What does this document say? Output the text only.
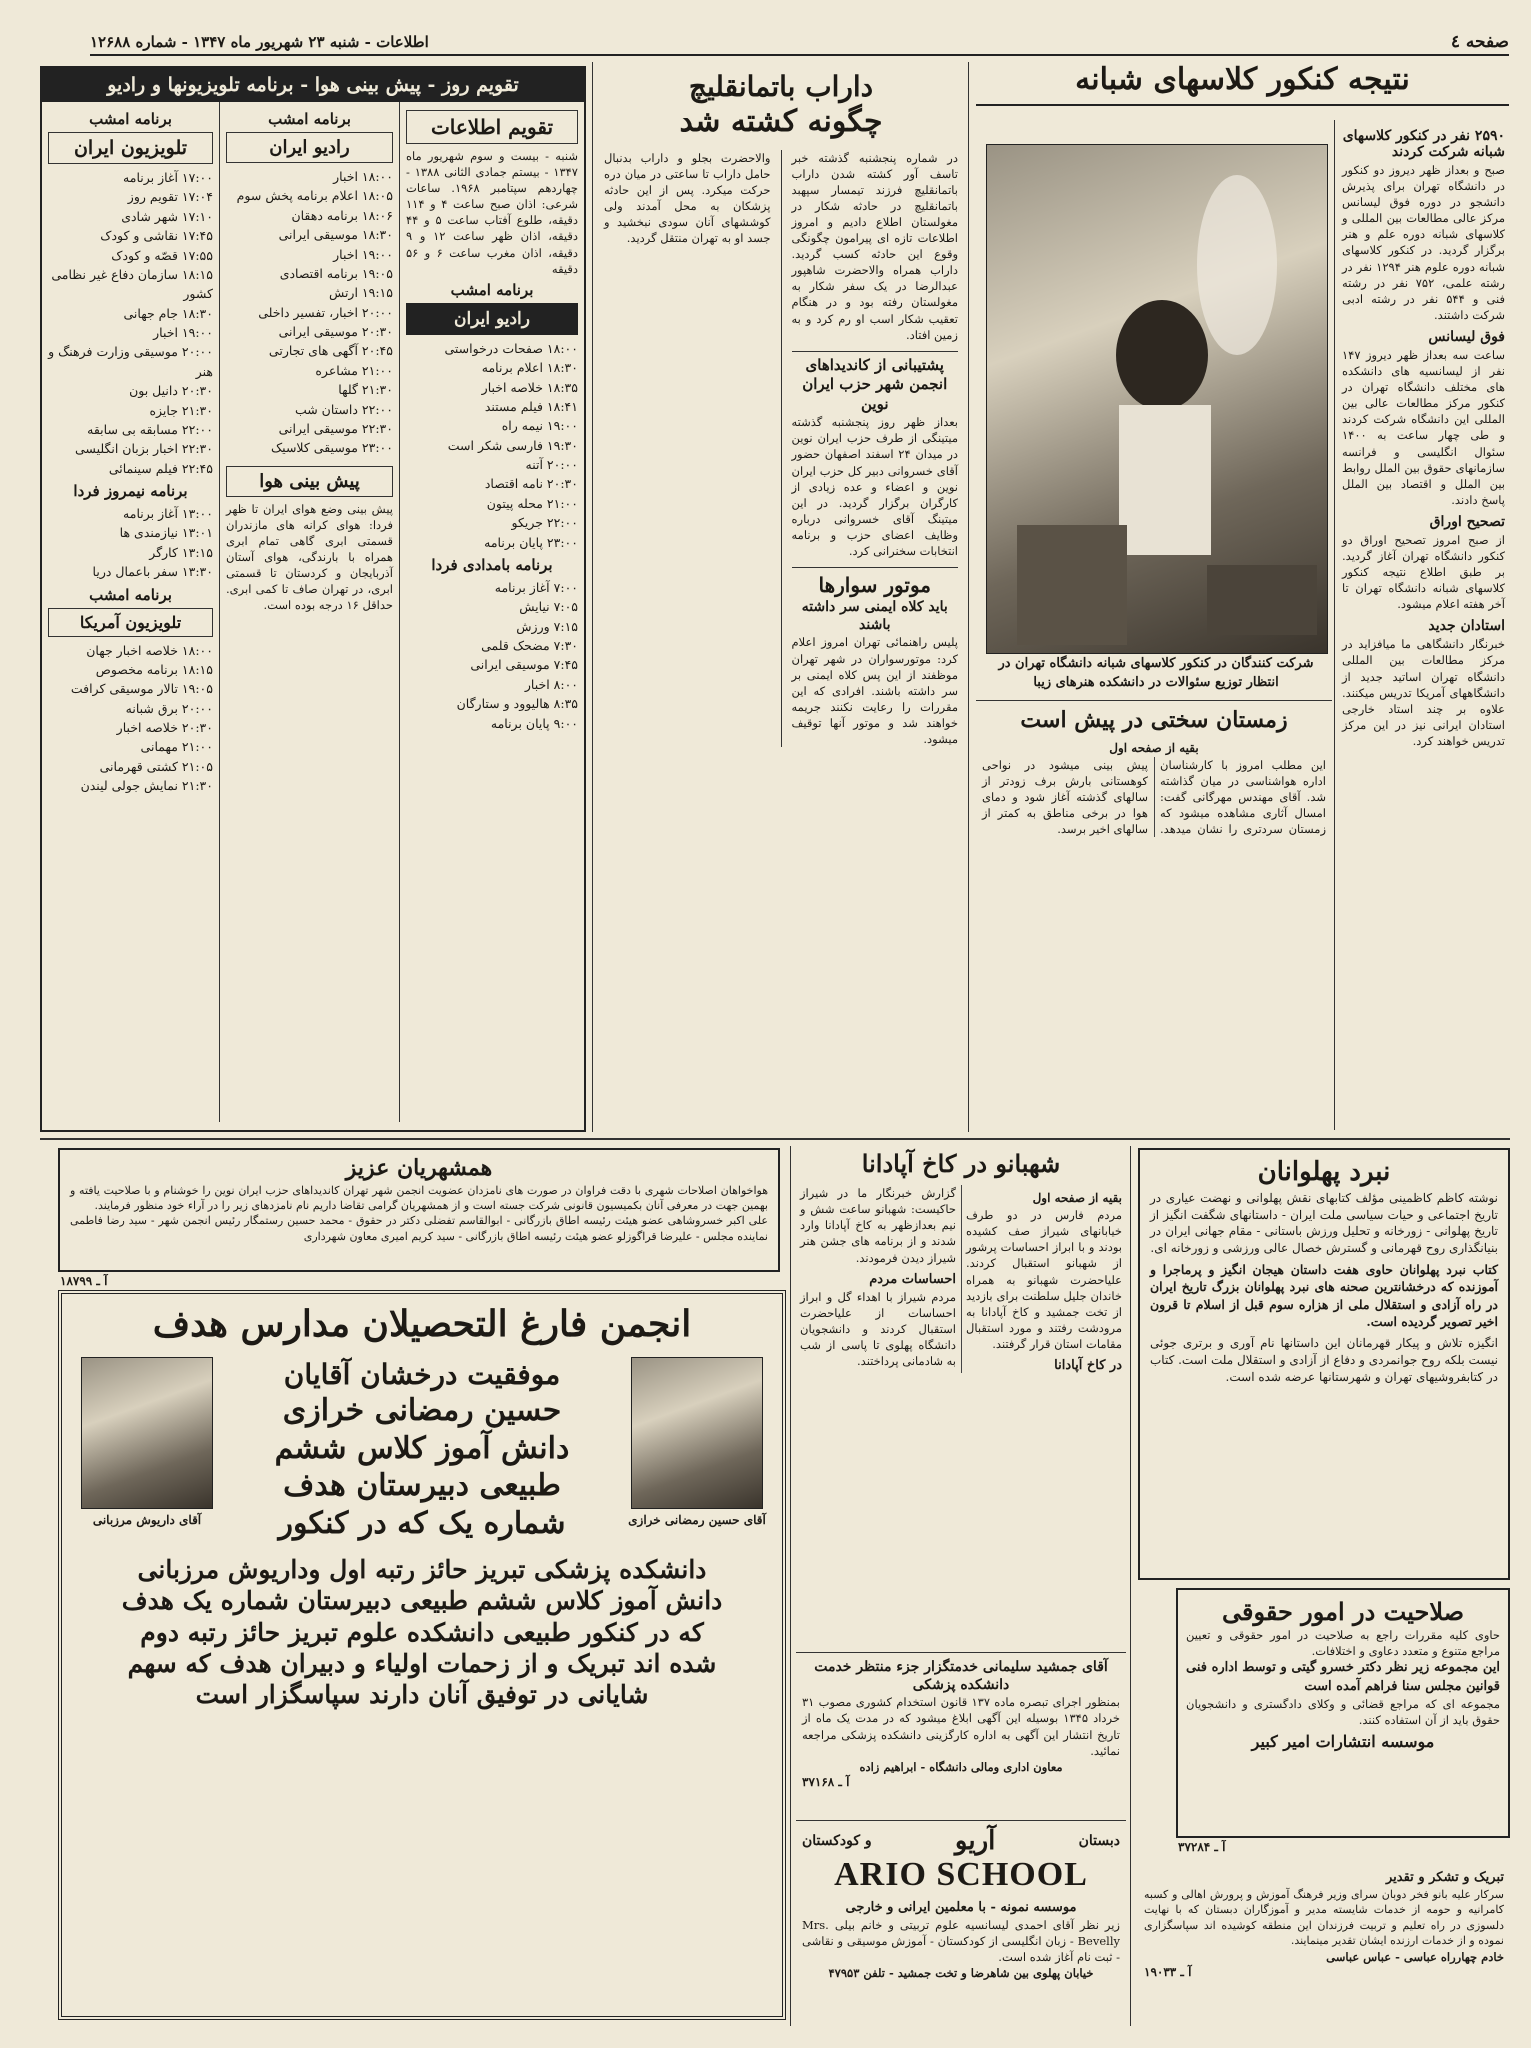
صفحه ٤
اطلاعات - شنبه ۲۳ شهریور ماه ۱۳۴۷ - شماره ۱۲۶۸۸
نتیجه کنکور کلاسهای شبانه
۲۵۹۰ نفر در کنکور کلاسهای شبانه شرکت کردند
صبح و بعداز ظهر دیروز دو کنکور در دانشگاه تهران برای پذیرش دانشجو در دوره فوق لیسانس مرکز عالی مطالعات بین المللی و کلاسهای شبانه دوره علم و هنر برگزار گردید. در کنکور کلاسهای شبانه دوره علوم هنر ۱۲۹۴ نفر در رشته علمی، ۷۵۲ نفر در رشته فنی و ۵۴۴ نفر در رشته ادبی شرکت داشتند.
فوق لیسانس
ساعت سه بعداز ظهر دیروز ۱۴۷ نفر از لیسانسیه های دانشکده های مختلف دانشگاه تهران در کنکور مرکز مطالعات عالی بین المللی این دانشگاه شرکت کردند و طی چهار ساعت به ۱۴۰۰ سئوال انگلیسی و فرانسه سازمانهای حقوق بین الملل روابط بین الملل و اقتصاد بین الملل پاسخ دادند.
تصحیح اوراق
از صبح امروز تصحیح اوراق دو کنکور دانشگاه تهران آغاز گردید. بر طبق اطلاع نتیجه کنکور کلاسهای شبانه دانشگاه تهران تا آخر هفته اعلام میشود.
استادان جدید
خبرنگار دانشگاهی ما میافزاید در مرکز مطالعات بین المللی دانشگاه تهران اساتید جدید از دانشگاههای آمریکا تدریس میکنند. علاوه بر چند استاد خارجی استادان ایرانی نیز در این مرکز تدریس خواهند کرد.
شرکت کنندگان در کنکور کلاسهای شبانه دانشگاه تهران در انتظار توزیع سئوالات در دانشکده هنرهای زیبا
زمستان سختی در پیش است
بقیه از صفحه اول
این مطلب امروز با کارشناسان اداره هواشناسی در میان گذاشته شد. آقای مهندس مهرگانی گفت: امسال آثاری مشاهده میشود که زمستان سردتری را نشان میدهد. پیش بینی میشود در نواحی کوهستانی بارش برف زودتر از سالهای گذشته آغاز شود و دمای هوا در برخی مناطق به کمتر از سالهای اخیر برسد.
داراب باتمانقلیچ
چگونه کشته شد
در شماره پنجشنبه گذشته خبر تاسف آور کشته شدن داراب باتمانقلیچ فرزند تیمسار سپهبد باتمانقلیچ در حادثه شکار در مغولستان اطلاع دادیم و امروز اطلاعات تازه ای پیرامون چگونگی وقوع این حادثه کسب گردید. داراب همراه والاحضرت شاهپور عبدالرضا در یک سفر شکار به مغولستان رفته بود و در هنگام تعقیب شکار اسب او رم کرد و به زمین افتاد.
پشتیبانی از کاندیداهای انجمن شهر حزب ایران نوین
بعداز ظهر روز پنجشنبه گذشته میتینگی از طرف حزب ایران نوین در میدان ۲۴ اسفند اصفهان حضور آقای خسروانی دبیر کل حزب ایران نوین و اعضاء و عده زیادی از کارگران برگزار گردید. در این میتینگ آقای خسروانی درباره وظایف اعضای حزب و برنامه انتخابات سخنرانی کرد.
موتور سوارها
باید کلاه ایمنی سر داشته باشند
پلیس راهنمائی تهران امروز اعلام کرد: موتورسواران در شهر تهران موظفند از این پس کلاه ایمنی بر سر داشته باشند. افرادی که این مقررات را رعایت نکنند جریمه خواهند شد و موتور آنها توقیف میشود.
والاحضرت بجلو و داراب بدنبال حامل داراب تا ساعتی در میان دره حرکت میکرد. پس از این حادثه پزشکان به محل آمدند ولی کوششهای آنان سودی نبخشید و جسد او به تهران منتقل گردید.
تقویم روز - پیش بینی هوا - برنامه تلویزیونها و رادیو
تقویم اطلاعات
شنبه - بیست و سوم شهریور ماه ۱۳۴۷ - بیستم جمادی الثانی ۱۳۸۸ - چهاردهم سپتامبر ۱۹۶۸. ساعات شرعی: اذان صبح ساعت ۴ و ۱۱۴ دقیقه، طلوع آفتاب ساعت ۵ و ۴۴ دقیقه، اذان ظهر ساعت ۱۲ و ۹ دقیقه، اذان مغرب ساعت ۶ و ۵۶ دقیقه
برنامه امشب
رادیو ایران
۱۸:۰۰ صفحات درخواستی
۱۸:۳۰ اعلام برنامه
۱۸:۳۵ خلاصه اخبار
۱۸:۴۱ فیلم مستند
۱۹:۰۰ نیمه راه
۱۹:۳۰ فارسی شکر است
۲۰:۰۰ آتنه
۲۰:۳۰ نامه اقتصاد
۲۱:۰۰ محله پیتون
۲۲:۰۰ جریکو
۲۳:۰۰ پایان برنامه
برنامه بامدادی فردا
۷:۰۰ آغاز برنامه
۷:۰۵ نیایش
۷:۱۵ ورزش
۷:۳۰ مضحک قلمی
۷:۴۵ موسیقی ایرانی
۸:۰۰ اخبار
۸:۳۵ هالیوود و ستارگان
۹:۰۰ پایان برنامه
برنامه امشب
رادیو ایران
۱۸:۰۰ اخبار
۱۸:۰۵ اعلام برنامه پخش سوم
۱۸:۰۶ برنامه دهقان
۱۸:۳۰ موسیقی ایرانی
۱۹:۰۰ اخبار
۱۹:۰۵ برنامه اقتصادی
۱۹:۱۵ ارتش
۲۰:۰۰ اخبار، تفسیر داخلی
۲۰:۳۰ موسیقی ایرانی
۲۰:۴۵ آگهی های تجارتی
۲۱:۰۰ مشاعره
۲۱:۳۰ گلها
۲۲:۰۰ داستان شب
۲۲:۳۰ موسیقی ایرانی
۲۳:۰۰ موسیقی کلاسیک
پیش بینی هوا
پیش بینی وضع هوای ایران تا ظهر فردا: هوای کرانه های مازندران قسمتی ابری گاهی تمام ابری همراه با بارندگی، هوای آستان آذربایجان و کردستان تا قسمتی ابری، در تهران صاف تا کمی ابری. حداقل ۱۶ درجه بوده است.
برنامه امشب
تلویزیون ایران
۱۷:۰۰ آغاز برنامه
۱۷:۰۴ تقویم روز
۱۷:۱۰ شهر شادی
۱۷:۴۵ نقاشی و کودک
۱۷:۵۵ قصّه و کودک
۱۸:۱۵ سازمان دفاع غیر نظامی کشور
۱۸:۳۰ جام جهانی
۱۹:۰۰ اخبار
۲۰:۰۰ موسیقی وزارت فرهنگ و هنر
۲۰:۳۰ دانیل بون
۲۱:۳۰ جایزه
۲۲:۰۰ مسابقه بی سابقه
۲۲:۳۰ اخبار بزبان انگلیسی
۲۲:۴۵ فیلم سینمائی
برنامه نیمروز فردا
۱۳:۰۰ آغاز برنامه
۱۳:۰۱ نیازمندی ها
۱۳:۱۵ کارگر
۱۳:۳۰ سفر باعمال دریا
برنامه امشب
تلویزیون آمریکا
۱۸:۰۰ خلاصه اخبار جهان
۱۸:۱۵ برنامه مخصوص
۱۹:۰۵ تالار موسیقی کرافت
۲۰:۰۰ برق شبانه
۲۰:۳۰ خلاصه اخبار
۲۱:۰۰ مهمانی
۲۱:۰۵ کشتی قهرمانی
۲۱:۳۰ نمایش جولی لیندن
همشهریان عزیز
هواخواهان اصلاحات شهری با دقت فراوان در صورت های نامزدان عضویت انجمن شهر تهران کاندیداهای حزب ایران نوین را خوشنام و با صلاحیت یافته و بهمین جهت در معرفی آنان بکمیسیون قانونی شرکت جسته است و از همشهریان گرامی تقاضا داریم نام نامزدهای زیر را در آراء خود منظور فرمایند.
علی اکبر خسروشاهی عضو هیئت رئیسه اطاق بازرگانی - ابوالقاسم تفضلی دکتر در حقوق - محمد حسین رستمگار رئیس انجمن شهر - سید رضا فاطمی نماینده مجلس - علیرضا قراگوزلو عضو هیئت رئیسه اطاق بازرگانی - سید کریم امیری معاون شهرداری
آ ـ ۱۸۷۹۹
انجمن فارغ التحصیلان مدارس هدف
آقای حسین رمضانی خرازی
موفقیت درخشان آقایان
حسین رمضانی خرازی
دانش آموز کلاس ششم
طبیعی دبیرستان هدف
شماره یک که در کنکور
آقای داریوش مرزبانی
دانشکده پزشکی تبریز حائز رتبه اول وداریوش مرزبانی
دانش آموز کلاس ششم طبیعی دبیرستان شماره یک هدف
که در کنکور طبیعی دانشکده علوم تبریز حائز رتبه دوم
شده اند تبریک و از زحمات اولیاء و دبیران هدف که سهم
شایانی در توفیق آنان دارند سپاسگزار است
شهبانو در کاخ آپادانا
بقیه از صفحه اول
مردم فارس در دو طرف خیابانهای شیراز صف کشیده بودند و با ابراز احساسات پرشور از شهبانو استقبال کردند. علیاحضرت شهبانو به همراه خاندان جلیل سلطنت برای بازدید از تخت جمشید و کاخ آپادانا به مرودشت رفتند و مورد استقبال مقامات استان قرار گرفتند.
در کاخ آپادانا
گزارش خبرنگار ما در شیراز حاکیست: شهبانو ساعت شش و نیم بعدازظهر به کاخ آپادانا وارد شدند و از برنامه های جشن هنر شیراز دیدن فرمودند.
احساسات مردم
مردم شیراز با اهداء گل و ابراز احساسات از علیاحضرت استقبال کردند و دانشجویان دانشگاه پهلوی تا پاسی از شب به شادمانی پرداختند.
آقای جمشید سلیمانی خدمتگزار جزء منتظر خدمت دانشکده پزشکی
بمنظور اجرای تبصره ماده ۱۳۷ قانون استخدام کشوری مصوب ۳۱ خرداد ۱۳۴۵ بوسیله این آگهی ابلاغ میشود که در مدت یک ماه از تاریخ انتشار این آگهی به اداره کارگزینی دانشکده پزشکی مراجعه نمائید.
معاون اداری ومالی دانشگاه - ابراهیم زاده
آ ـ ۳۷۱۶۸
دبستان
آریو
و کودکستان
ARIO SCHOOL
موسسه نمونه - با معلمین ایرانی و خارجی
زیر نظر آقای احمدی لیسانسیه علوم تربیتی و خانم بیلی Mrs. Bevelly - زبان انگلیسی از کودکستان - آموزش موسیقی و نقاشی - ثبت نام آغاز شده است.
خیابان پهلوی بین شاهرضا و تخت جمشید - تلفن ۴۷۹۵۳
نبرد پهلوانان
نوشته کاظم کاظمینی مؤلف کتابهای نقش پهلوانی و نهضت عیاری در تاریخ اجتماعی و حیات سیاسی ملت ایران - داستانهای شگفت انگیز از تاریخ پهلوانی - زورخانه و تحلیل ورزش باستانی - مقام جهانی ایران در بنیانگذاری روح قهرمانی و گسترش خصال عالی ورزشی و زورخانه ای.
کتاب نبرد پهلوانان حاوی هفت داستان هیجان انگیز و پرماجرا و آموزنده که درخشانترین صحنه های نبرد پهلوانان بزرگ تاریخ ایران در راه آزادی و استقلال ملی از هزاره سوم قبل از اسلام تا قرون اخیر تصویر گردیده است.
انگیزه تلاش و پیکار قهرمانان این داستانها نام آوری و برتری جوئی نیست بلکه روح جوانمردی و دفاع از آزادی و استقلال ملت است. کتاب در کتابفروشیهای تهران و شهرستانها عرضه شده است.
صلاحیت در امور حقوقی
حاوی کلیه مقررات راجع به صلاحیت در امور حقوقی و تعیین مراجع متنوع و متعدد دعاوی و اختلافات.
این مجموعه زیر نظر دکتر خسرو گیتی و توسط اداره فنی قوانین مجلس سنا فراهم آمده است
مجموعه ای که مراجع قضائی و وکلای دادگستری و دانشجویان حقوق باید از آن استفاده کنند.
موسسه انتشارات امیر کبیر
آ ـ ۳۷۲۸۴
تبریک و تشکر و تقدیر
سرکار علیه بانو فخر دوبان سرای وزیر فرهنگ آموزش و پرورش اهالی و کسبه کامرانیه و حومه از خدمات شایسته مدیر و آموزگاران دبستان که با نهایت دلسوزی در راه تعلیم و تربیت فرزندان این منطقه کوشیده اند سپاسگزاری نموده و از خدمات ارزنده ایشان تقدیر مینمایند.
خادم چهارراه عباسی - عباس عباسی
آ ـ ۱۹۰۳۳
